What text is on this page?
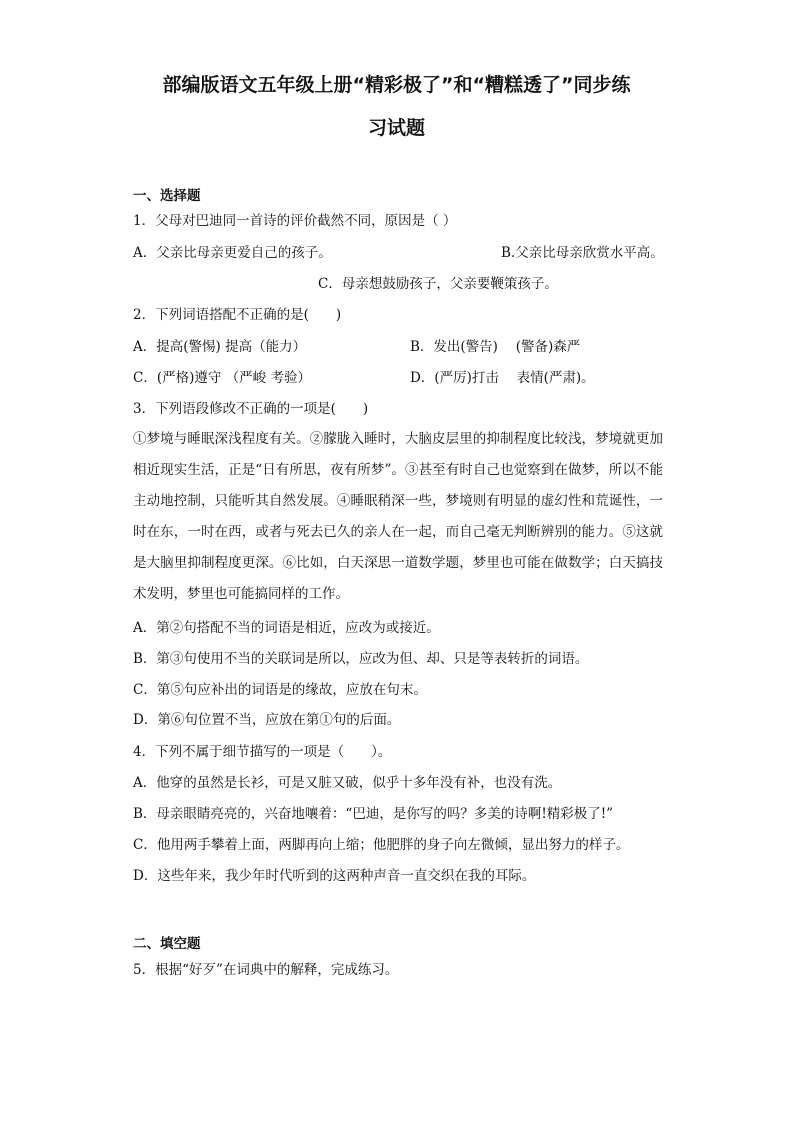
部编版语文五年级上册“精彩极了”和“糟糕透了”同步练
习试题
一、选择题
1．父母对巴迪同一首诗的评价截然不同，原因是（ ）
A．父亲比母亲更爱自己的孩子。	B.父亲比母亲欣赏水平高。
C．母亲想鼓励孩子，父亲要鞭策孩子。
2．下列词语搭配不正确的是(　　)
A．提高(警惕) 提高（能力）	B．发出(警告)　 (警备)森严
C．(严格)遵守 （严峻 考验）	D．(严厉)打击　 表情(严肃)。
3．下列语段修改不正确的一项是(　　)
①梦境与睡眠深浅程度有关。②朦胧入睡时，大脑皮层里的抑制程度比较浅，梦境就更加相近现实生活，正是“日有所思，夜有所梦”。③甚至有时自己也觉察到在做梦，所以不能主动地控制，只能听其自然发展。④睡眠稍深一些，梦境则有明显的虚幻性和荒诞性，一时在东，一时在西，或者与死去已久的亲人在一起，而自己毫无判断辨别的能力。⑤这就是大脑里抑制程度更深。⑥比如，白天深思一道数学题，梦里也可能在做数学；白天搞技术发明，梦里也可能搞同样的工作。
A．第②句搭配不当的词语是相近，应改为或接近。
B．第③句使用不当的关联词是所以，应改为但、却、只是等表转折的词语。
C．第⑤句应补出的词语是的缘故，应放在句末。
D．第⑥句位置不当，应放在第①句的后面。
4．下列不属于细节描写的一项是（　　）。
A．他穿的虽然是长衫，可是又脏又破，似乎十多年没有补，也没有洗。
B．母亲眼睛亮亮的，兴奋地嚷着：“巴迪，是你写的吗？多美的诗啊!精彩极了!”
C．他用两手攀着上面，两脚再向上缩；他肥胖的身子向左微倾，显出努力的样子。
D．这些年来，我少年时代听到的这两种声音一直交织在我的耳际。
二、填空题
5．根据“好歹”在词典中的解释，完成练习。
